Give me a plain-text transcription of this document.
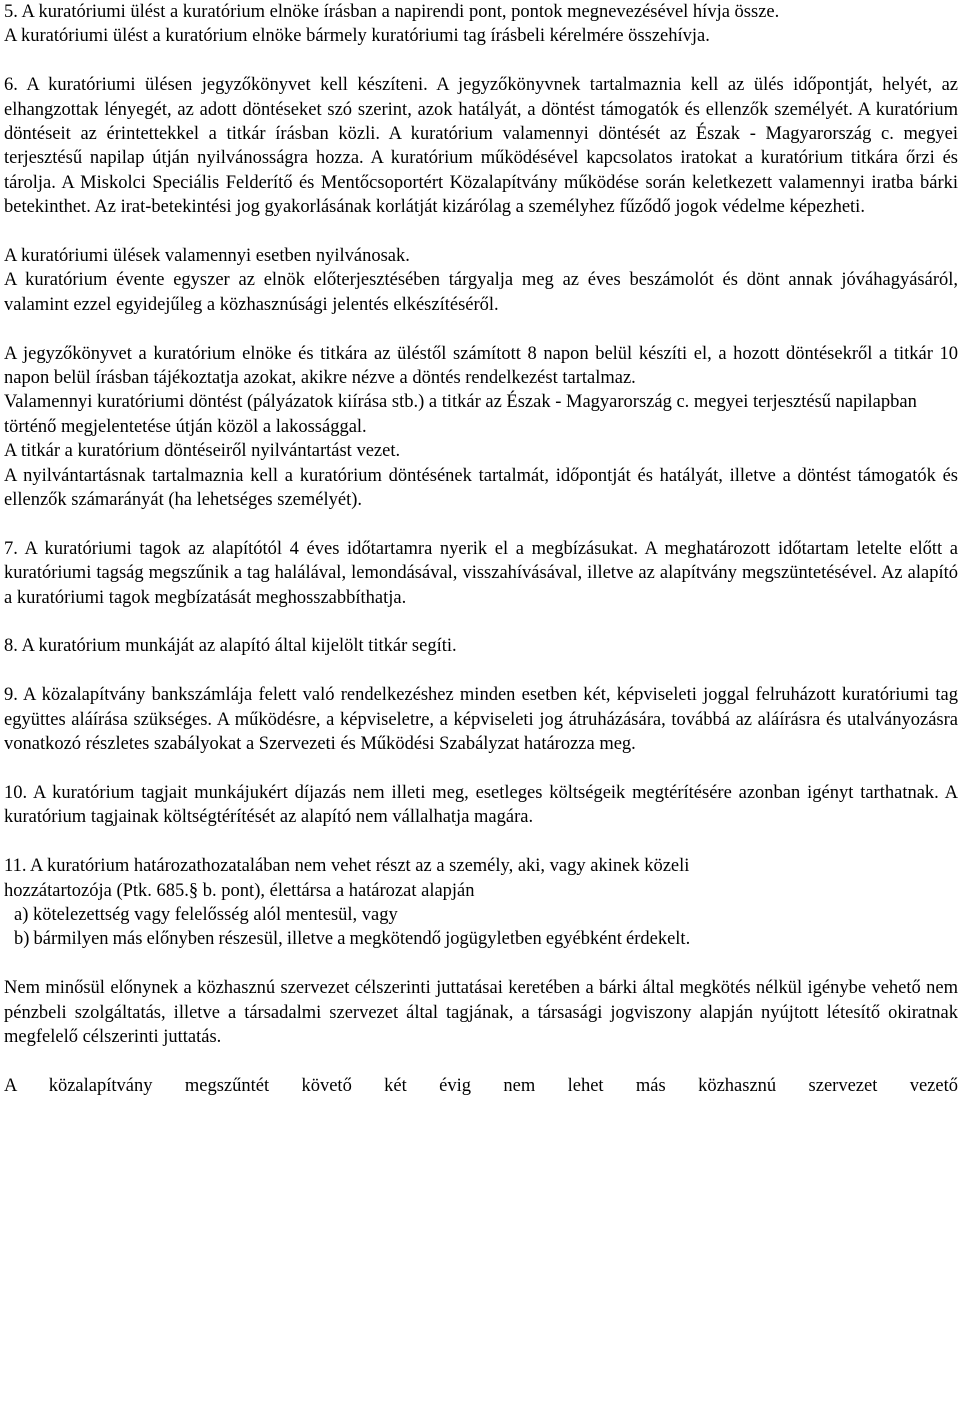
5. A kuratóriumi ülést a kuratórium elnöke írásban a napirendi pont, pontok megnevezésével hívja össze.

A kuratóriumi ülést a kuratórium elnöke bármely kuratóriumi tag írásbeli kérelmére összehívja.

6. A kuratóriumi ülésen jegyzőkönyvet kell készíteni. A jegyzőkönyvnek tartalmaznia kell az ülés időpontját, helyét, az elhangzottak lényegét, az adott döntéseket szó szerint, azok hatályát, a döntést támogatók és ellenzők személyét. A kuratórium döntéseit az érintettekkel a titkár írásban közli. A kuratórium valamennyi döntését az Észak - Magyarország c. megyei terjesztésű napilap útján nyilvánosságra hozza. A kuratórium működésével kapcsolatos iratokat a kuratórium titkára őrzi és tárolja. A Miskolci Speciális Felderítő és Mentőcsoportért Közalapítvány működése során keletkezett valamennyi iratba bárki betekinthet. Az irat-betekintési jog gyakorlásának korlátját kizárólag a személyhez fűződő jogok védelme képezheti.

A kuratóriumi ülések valamennyi esetben nyilvánosak.

A kuratórium évente egyszer az elnök előterjesztésében tárgyalja meg az éves beszámolót és dönt annak jóváhagyásáról, valamint ezzel egyidejűleg a közhasznúsági jelentés elkészítéséről.

A jegyzőkönyvet a kuratórium elnöke és titkára az üléstől számított 8 napon belül készíti el, a hozott döntésekről a titkár 10 napon belül írásban tájékoztatja azokat, akikre nézve a döntés rendelkezést tartalmaz.

Valamennyi kuratóriumi döntést (pályázatok kiírása stb.) a titkár az Észak - Magyarország c. megyei terjesztésű napilapban történő megjelentetése útján közöl a lakossággal.

A titkár a kuratórium döntéseiről nyilvántartást vezet.

A nyilvántartásnak tartalmaznia kell a kuratórium döntésének tartalmát, időpontját és hatályát, illetve a döntést támogatók és ellenzők számarányát (ha lehetséges személyét).

7. A kuratóriumi tagok az alapítótól 4 éves időtartamra nyerik el a megbízásukat. A meghatározott időtartam letelte előtt a kuratóriumi tagság megszűnik a tag halálával, lemondásával, visszahívásával, illetve az alapítvány megszüntetésével. Az alapító a kuratóriumi tagok megbízatását meghosszabbíthatja.

8. A kuratórium munkáját az alapító által kijelölt titkár segíti.

9. A közalapítvány bankszámlája felett való rendelkezéshez minden esetben két, képviseleti joggal felruházott kuratóriumi tag együttes aláírása szükséges. A működésre, a képviseletre, a képviseleti jog átruházására, továbbá az aláírásra és utalványozásra vonatkozó részletes szabályokat a Szervezeti és Működési Szabályzat határozza meg.

10. A kuratórium tagjait munkájukért díjazás nem illeti meg, esetleges költségeik megtérítésére azonban igényt tarthatnak. A kuratórium tagjainak költségtérítését az alapító nem vállalhatja magára.

11. A kuratórium határozathozatalában nem vehet részt az a személy, aki, vagy akinek közeli

hozzátartozója (Ptk. 685.§ b. pont), élettársa a határozat alapján

a) kötelezettség vagy felelősség alól mentesül, vagy

b) bármilyen más előnyben részesül, illetve a megkötendő jogügyletben egyébként érdekelt.

Nem minősül előnynek a közhasznú szervezet célszerinti juttatásai keretében a bárki által megkötés nélkül igénybe vehető nem pénzbeli szolgáltatás, illetve a társadalmi szervezet által tagjának, a társasági jogviszony alapján nyújtott létesítő okiratnak megfelelő célszerinti juttatás.

A közalapítvány megszűntét követő két évig nem lehet más közhasznú szervezet vezető
